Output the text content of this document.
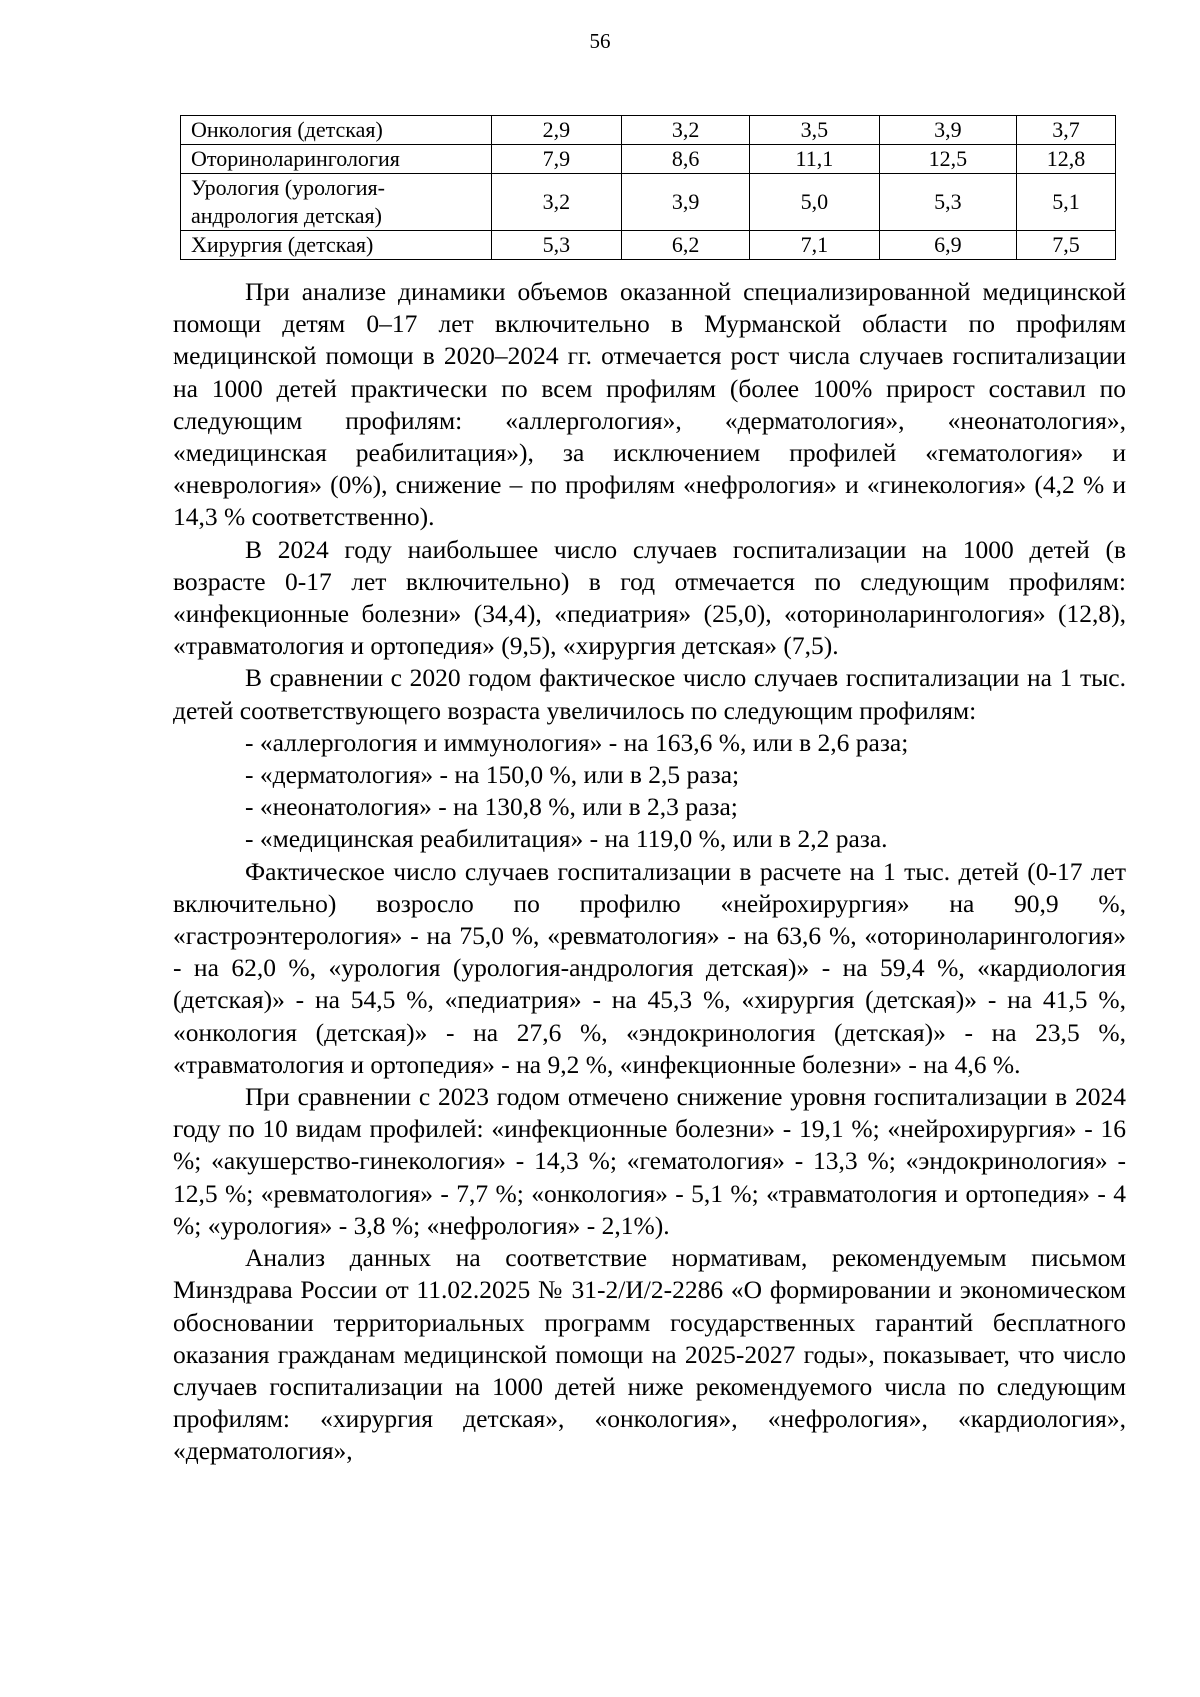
56
Онкология (детская)	2,9	3,2	3,5	3,9	3,7
Оториноларингология	7,9	8,6	11,1	12,5	12,8
Урология (урология-
андрология детская)	3,2	3,9	5,0	5,3	5,1
Хирургия (детская)	5,3	6,2	7,1	6,9	7,5

При анализе динамики объемов оказанной специализированной медицинской помощи детям 0–17 лет включительно в Мурманской области по профилям медицинской помощи в 2020–2024 гг. отмечается рост числа случаев госпитализации на 1000 детей практически по всем профилям (более 100% прирост составил по следующим профилям: «аллергология», «дерматология», «неонатология», «медицинская реабилитация»), за исключением профилей «гематология» и «неврология» (0%), снижение – по профилям «нефрология» и «гинекология» (4,2 % и 14,3 % соответственно).

В 2024 году наибольшее число случаев госпитализации на 1000 детей (в возрасте 0-17 лет включительно) в год отмечается по следующим профилям: «инфекционные болезни» (34,4), «педиатрия» (25,0), «оториноларингология» (12,8), «травматология и ортопедия» (9,5), «хирургия детская» (7,5).

В сравнении с 2020 годом фактическое число случаев госпитализации на 1 тыс. детей соответствующего возраста увеличилось по следующим профилям:

- «аллергология и иммунология» - на 163,6 %, или в 2,6 раза;

- «дерматология» - на 150,0 %, или в 2,5 раза;

- «неонатология» - на 130,8 %, или в 2,3 раза;

- «медицинская реабилитация» - на 119,0 %, или в 2,2 раза.

Фактическое число случаев госпитализации в расчете на 1 тыс. детей (0-17 лет включительно) возросло по профилю «нейрохирургия» на 90,9 %, «гастроэнтерология» - на 75,0 %, «ревматология» - на 63,6 %, «оториноларингология» - на 62,0 %, «урология (урология-андрология детская)» - на 59,4 %, «кардиология (детская)» - на 54,5 %, «педиатрия» - на 45,3 %, «хирургия (детская)» - на 41,5 %, «онкология (детская)» - на 27,6 %, «эндокринология (детская)» - на 23,5 %, «травматология и ортопедия» - на 9,2 %, «инфекционные болезни» - на 4,6 %.

При сравнении с 2023 годом отмечено снижение уровня госпитализации в 2024 году по 10 видам профилей: «инфекционные болезни» - 19,1 %; «нейрохирургия» - 16 %; «акушерство-гинекология» - 14,3 %; «гематология» - 13,3 %; «эндокринология» - 12,5 %; «ревматология» - 7,7 %; «онкология» - 5,1 %; «травматология и ортопедия» - 4 %; «урология» - 3,8 %; «нефрология» - 2,1%).

Анализ данных на соответствие нормативам, рекомендуемым письмом Минздрава России от 11.02.2025 № 31-2/И/2-2286 «О формировании и экономическом обосновании территориальных программ государственных гарантий бесплатного оказания гражданам медицинской помощи на 2025-2027 годы», показывает, что число случаев госпитализации на 1000 детей ниже рекомендуемого числа по следующим профилям: «хирургия детская», «онкология», «нефрология», «кардиология», «дерматология»,
